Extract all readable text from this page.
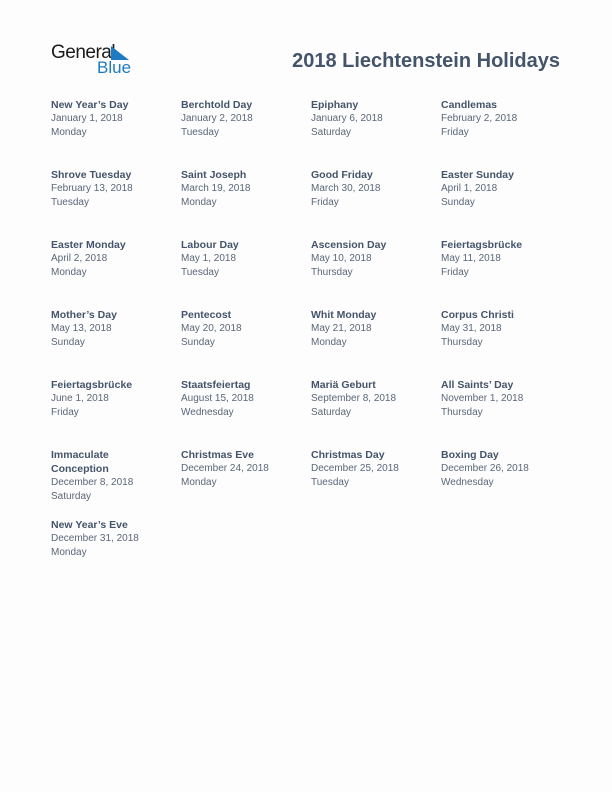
General
Blue	2018 Liechtenstein Holidays
New Year’s Day
January 1, 2018
Monday
Berchtold Day
January 2, 2018
Tuesday
Epiphany
January 6, 2018
Saturday
Candlemas
February 2, 2018
Friday
Shrove Tuesday
February 13, 2018
Tuesday
Saint Joseph
March 19, 2018
Monday
Good Friday
March 30, 2018
Friday
Easter Sunday
April 1, 2018
Sunday
Easter Monday
April 2, 2018
Monday
Labour Day
May 1, 2018
Tuesday
Ascension Day
May 10, 2018
Thursday
Feiertagsbrücke
May 11, 2018
Friday
Mother’s Day
May 13, 2018
Sunday
Pentecost
May 20, 2018
Sunday
Whit Monday
May 21, 2018
Monday
Corpus Christi
May 31, 2018
Thursday
Feiertagsbrücke
June 1, 2018
Friday
Staatsfeiertag
August 15, 2018
Wednesday
Mariä Geburt
September 8, 2018
Saturday
All Saints’ Day
November 1, 2018
Thursday
Immaculate Conception
December 8, 2018
Saturday
Christmas Eve
December 24, 2018
Monday
Christmas Day
December 25, 2018
Tuesday
Boxing Day
December 26, 2018
Wednesday
New Year’s Eve
December 31, 2018
Monday
